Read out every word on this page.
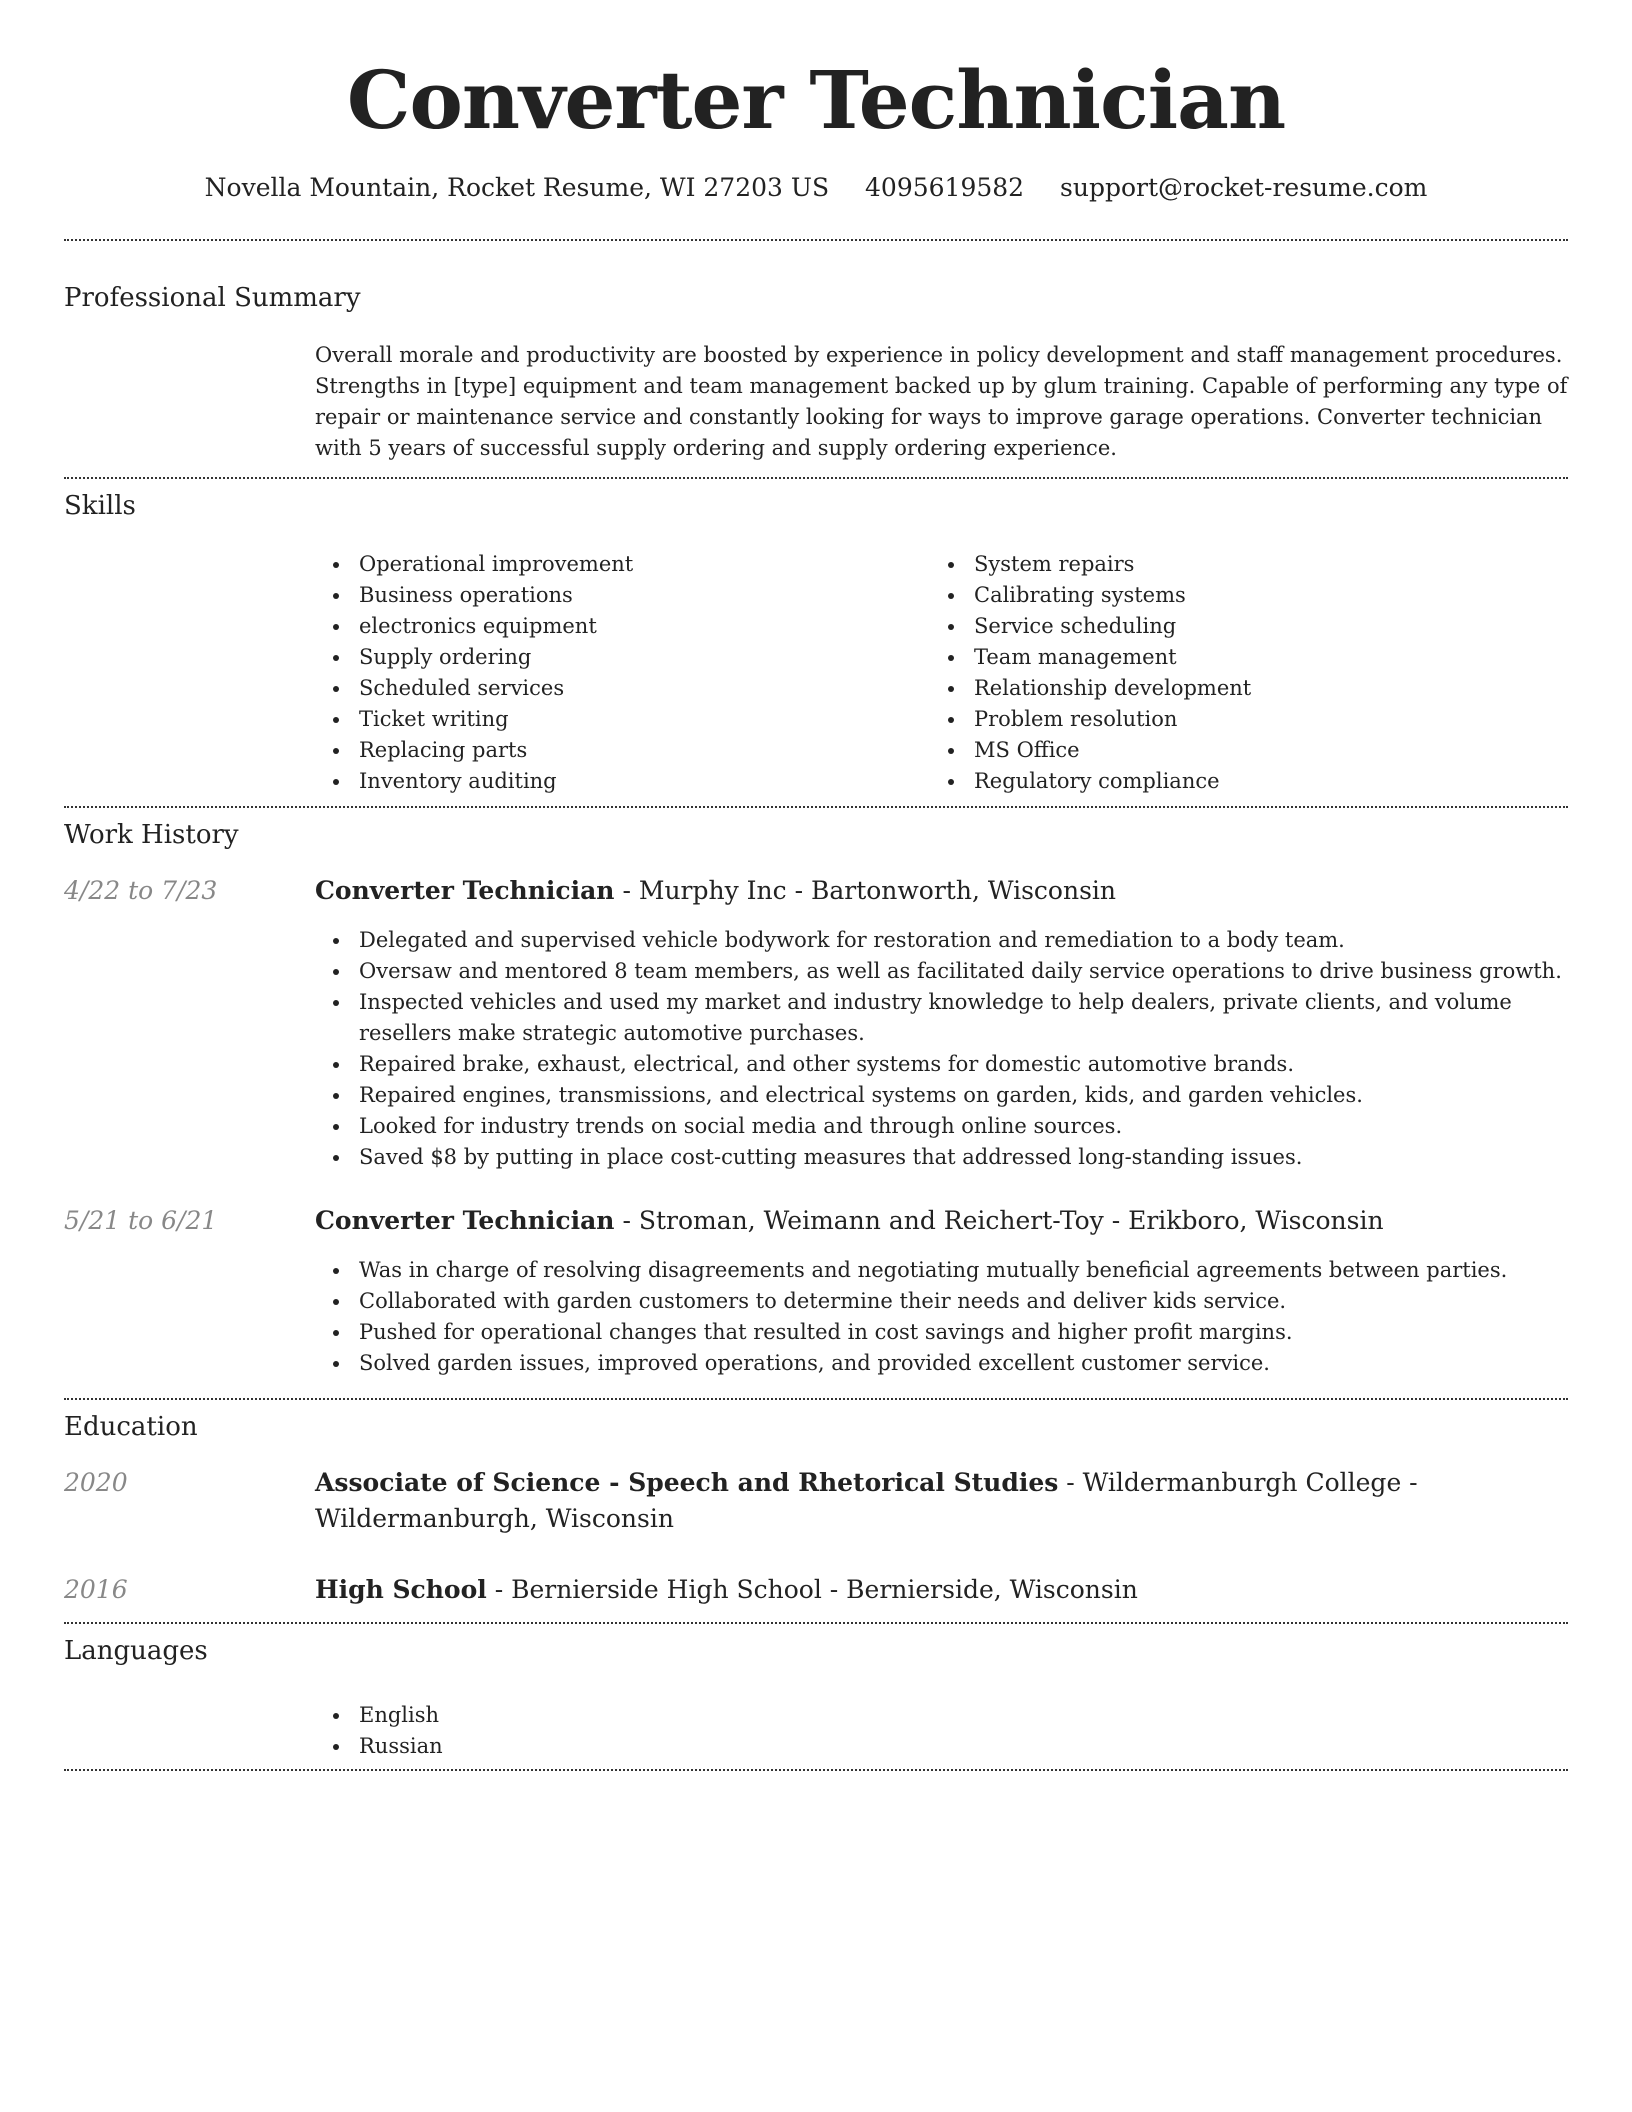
Converter Technician
Novella Mountain, Rocket Resume, WI 27203 US 4095619582 support@rocket-resume.com
Professional Summary

Overall morale and productivity are boosted by experience in policy development and staff management procedures. Strengths in [type] equipment and team management backed up by glum training. Capable of performing any type of repair or maintenance service and constantly looking for ways to improve garage operations. Converter technician with 5 years of successful supply ordering and supply ordering experience.

Skills
Operational improvement
Business operations
electronics equipment
Supply ordering
Scheduled services
Ticket writing
Replacing parts
Inventory auditing
System repairs
Calibrating systems
Service scheduling
Team management
Relationship development
Problem resolution
MS Office
Regulatory compliance
Work History
4/22 to 7/23	Converter Technician - Murphy Inc - Bartonworth, Wisconsin
Delegated and supervised vehicle bodywork for restoration and remediation to a body team.
Oversaw and mentored 8 team members, as well as facilitated daily service operations to drive business growth.
Inspected vehicles and used my market and industry knowledge to help dealers, private clients, and volume resellers make strategic automotive purchases.
Repaired brake, exhaust, electrical, and other systems for domestic automotive brands.
Repaired engines, transmissions, and electrical systems on garden, kids, and garden vehicles.
Looked for industry trends on social media and through online sources.
Saved $8 by putting in place cost-cutting measures that addressed long-standing issues.
5/21 to 6/21	Converter Technician - Stroman, Weimann and Reichert-Toy - Erikboro, Wisconsin
Was in charge of resolving disagreements and negotiating mutually beneficial agreements between parties.
Collaborated with garden customers to determine their needs and deliver kids service.
Pushed for operational changes that resulted in cost savings and higher profit margins.
Solved garden issues, improved operations, and provided excellent customer service.
Education
2020	Associate of Science - Speech and Rhetorical Studies - Wildermanburgh College - Wildermanburgh, Wisconsin
2016	High School - Bernierside High School - Bernierside, Wisconsin
Languages
English
Russian
